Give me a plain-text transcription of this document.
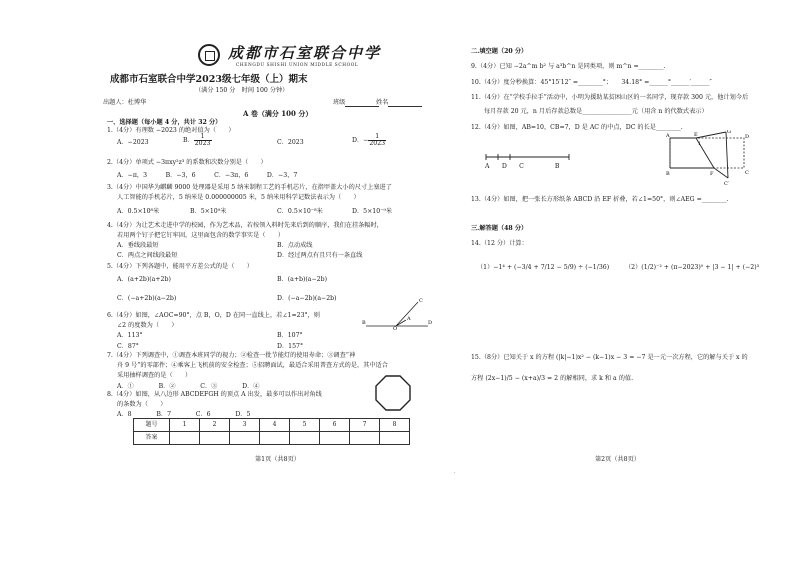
成都市石室联合中学
CHENGDU SHISHI UNION MIDDLE SCHOOL
成都市石室联合中学2023级七年级（上）期末
（满分 150 分　时间 100 分钟）
出题人：杜博华	班级	姓名
A 卷（满分 100 分）
一、选择题（每小题 4 分，共计 32 分）
1.（4分）有理数 −2023 的绝对值为（　　）
A．−2023	B． $\frac{1}{2023}$	C．2023	D．− $\frac{1}{2023}$
2.（4分）单项式 −3πxy²z³ 的系数和次数分别是（　　）
A．−π，3　　　B．−3，6　　　C．−3π，6　　　D．−3，7
3.（4分）中国华为麒麟 9000 处理器是采用 5 纳米制程工艺的手机芯片，在指甲盖大小的尺寸上塞进了
人工智能的手机芯片，5 纳米是 0.000000005 米，5 纳米用科学记数法表示为（　　）
A．0.5×10⁸米	B．5×10⁹米	C．0.5×10⁻⁸米	D．5×10⁻⁹米
4.（4分）为让艺术走进中学的校园，作为艺术品，若按领入料时先来后到的顺序，我们在挂条幅时，
若用两个钉子把它钉牢固，这里面包含的数学事实是（　　）
A．垂线段最短	B．点动成线
C．两点之间线段最短	D．经过两点有且只有一条直线
5.（4分）下列各题中，能用平方差公式的是（　　）
A．(a+2b)(a+2b)	B．(a+b)(a−2b)
C．(−a+2b)(a−2b)	D．(−a−2b)(a−2b)
6.（4分）如图，∠AOC=90°，点 B，O，D 在同一直线上，若∠1=23°，则
∠2 的度数为（　　）
A．113°	B．107°
C．87°	D．157°
O
B	D
A
C
7.（4分）下列调查中，①调查本班同学的视力；②检查一批节能灯的使用寿命；③调查“神
舟 9 号”的零部件；④乘客上飞机前的安全检查；⑤招聘面试，最适合采用普查方式的是，其中适合
采用抽样调查的是（　　）
A．①　　　　B．②　　　　C．③　　　　D．④
8.（4分）如图，从八边形 ABCDEFGH 的顶点 A 出发，最多可以作出对角线
的条数为（　　）
A．8　　　　B．7　　　　C．6　　　　D．5
题号	1	2	3	4	5	6	7	8
答案								
第1页（共8页）
·
二.填空题（20 分）
9.（4分）已知 −2a^m b² 与 a³b^n 是同类项，则 m^n =________.
10.（4分）度分秒换算：45°15′12″ =________°；　　34.18° =______°______′______″
11.（4分）在“学校手拉手”活动中，小明为援助某贫困山区的一名同学，现存款 300 元，他计划今后
每月存款 20 元，n 月后存款总数是________________元（用含 n 的代数式表示）
12.（4分）如图，AB=10，CB=7，D 是 AC 的中点，DC 的长是________.
A　　D　　C　　　　　B
A	E	D
B	F	C
G
C′
1
13.（4分）如图，把一张长方形纸条 ABCD 沿 EF 折叠，若∠1=50°，则∠AEG =________.
三.解答题（48 分）
14.（12 分）计算：
（1）−1⁴ + (−3/4 + 7/12 − 5/9) ÷ (−1/36)	（2）(1/2)⁻² + (π−2023)⁰ + |3 − 1| + (−2)³
15.（8分）已知关于 x 的方程 (|k|−1)x² − (k−1)x − 3 = −7 是一元一次方程，它的解与关于 x 的
方程 (2x−1)/5 − (x+a)/3 = 2 的解相同，求 k 和 a 的值.
第2页（共8页）
